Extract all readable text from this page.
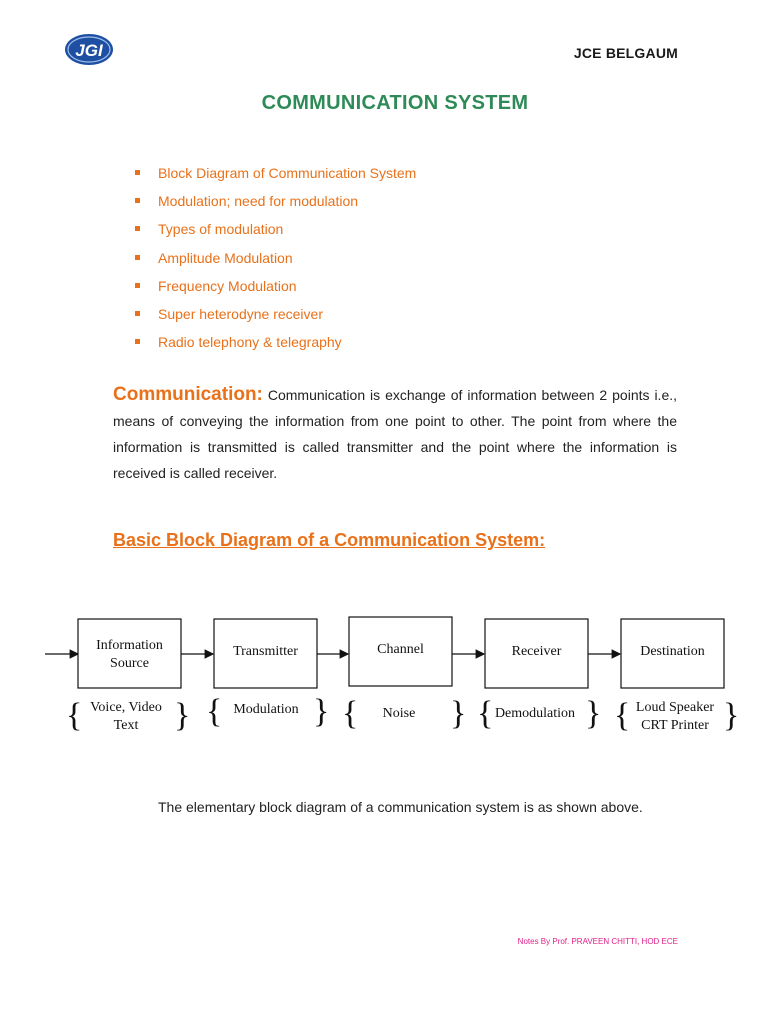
JGI	JCE BELGAUM
COMMUNICATION SYSTEM
Block Diagram of Communication System
Modulation; need for modulation
Types of modulation
Amplitude Modulation
Frequency Modulation
Super heterodyne receiver
Radio telephony & telegraphy
Communication: Communication is exchange of information between 2 points i.e., means of conveying the information from one point to other. The point from where the information is transmitted is called transmitter and the point where the information is received is called receiver.
Basic Block Diagram of a Communication System:
Information
Source
Transmitter	Channel	Receiver	Destination
{ Voice, Video
Text } { Modulation } { Noise } { Demodulation } { Loud Speaker
CRT Printer }
The elementary block diagram of a communication system is as shown above.
Notes By Prof. PRAVEEN CHITTI, HOD ECE
